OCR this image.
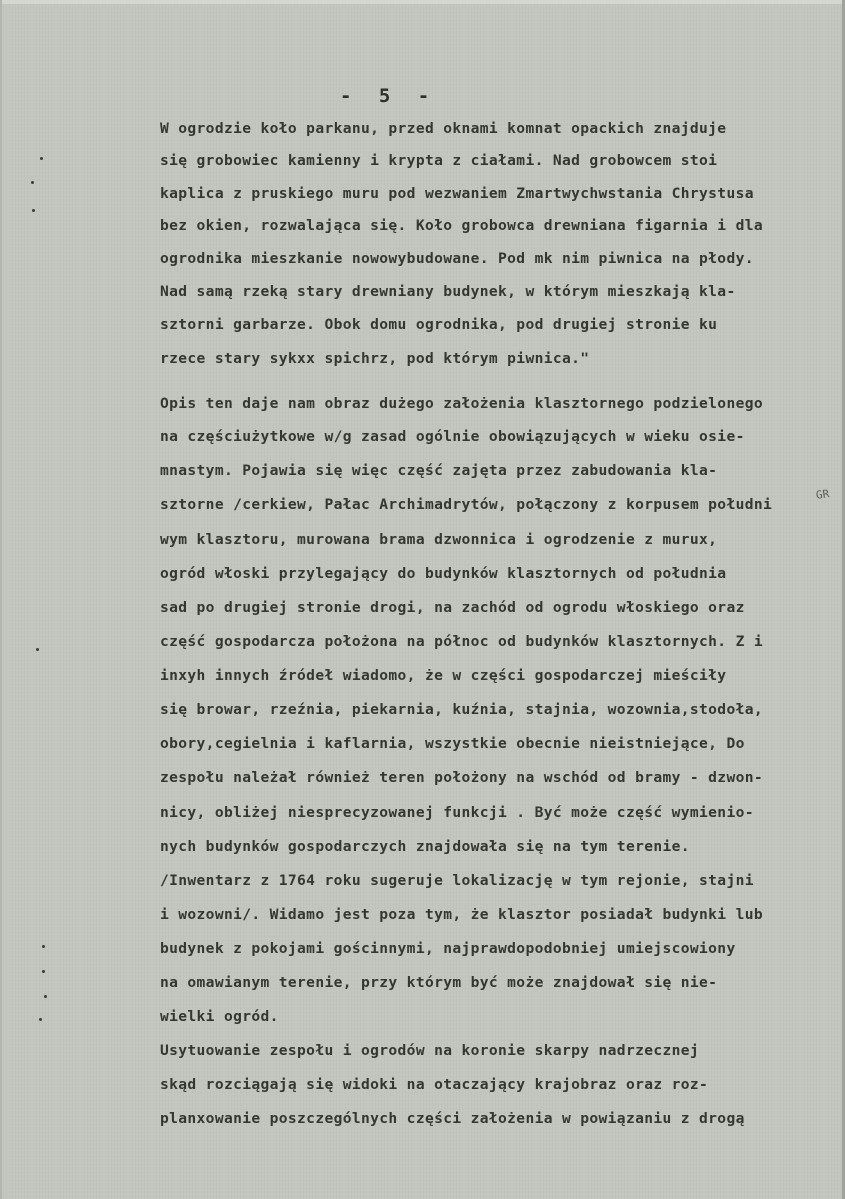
- 5 -
W ogrodzie koło parkanu, przed oknami komnat opackich znajduje
się grobowiec kamienny i krypta z ciałami. Nad grobowcem stoi
kaplica z pruskiego muru pod wezwaniem Zmartwychwstania Chrystusa
bez okien, rozwalająca się. Koło grobowca drewniana figarnia i dla
ogrodnika mieszkanie nowowybudowane. Pod mk nim piwnica na płody.
Nad samą rzeką stary drewniany budynek, w którym mieszkają kla-
sztorni garbarze. Obok domu ogrodnika, pod drugiej stronie ku
rzece stary sykxx spichrz, pod którym piwnica."
Opis ten daje nam obraz dużego założenia klasztornego podzielonego
na częściużytkowe w/g zasad ogólnie obowiązujących w wieku osie-
mnastym. Pojawia się więc część zajęta przez zabudowania kla-
sztorne /cerkiew, Pałac Archimadrytów, połączony z korpusem południ
wym klasztoru, murowana brama dzwonnica i ogrodzenie z murux,
ogród włoski przylegający do budynków klasztornych od południa
sad po drugiej stronie drogi, na zachód od ogrodu włoskiego oraz
część gospodarcza położona na północ od budynków klasztornych. Z i
inxyh innych źródeł wiadomo, że w części gospodarczej mieściły
się browar, rzeźnia, piekarnia, kuźnia, stajnia, wozownia,stodoła,
obory,cegielnia i kaflarnia, wszystkie obecnie nieistniejące, Do
zespołu należał również teren położony na wschód od bramy - dzwon-
nicy, obliżej niesprecyzowanej funkcji . Być może część wymienio-
nych budynków gospodarczych znajdowała się na tym terenie.
/Inwentarz z 1764 roku sugeruje lokalizację w tym rejonie, stajni
i wozowni/. Widamo jest poza tym, że klasztor posiadał budynki lub
budynek z pokojami gościnnymi, najprawdopodobniej umiejscowiony
na omawianym terenie, przy którym być może znajdował się nie-
wielki ogród.
Usytuowanie zespołu i ogrodów na koronie skarpy nadrzecznej
skąd rozciągają się widoki na otaczający krajobraz oraz roz-
planxowanie poszczególnych części założenia w powiązaniu z drogą
GR
